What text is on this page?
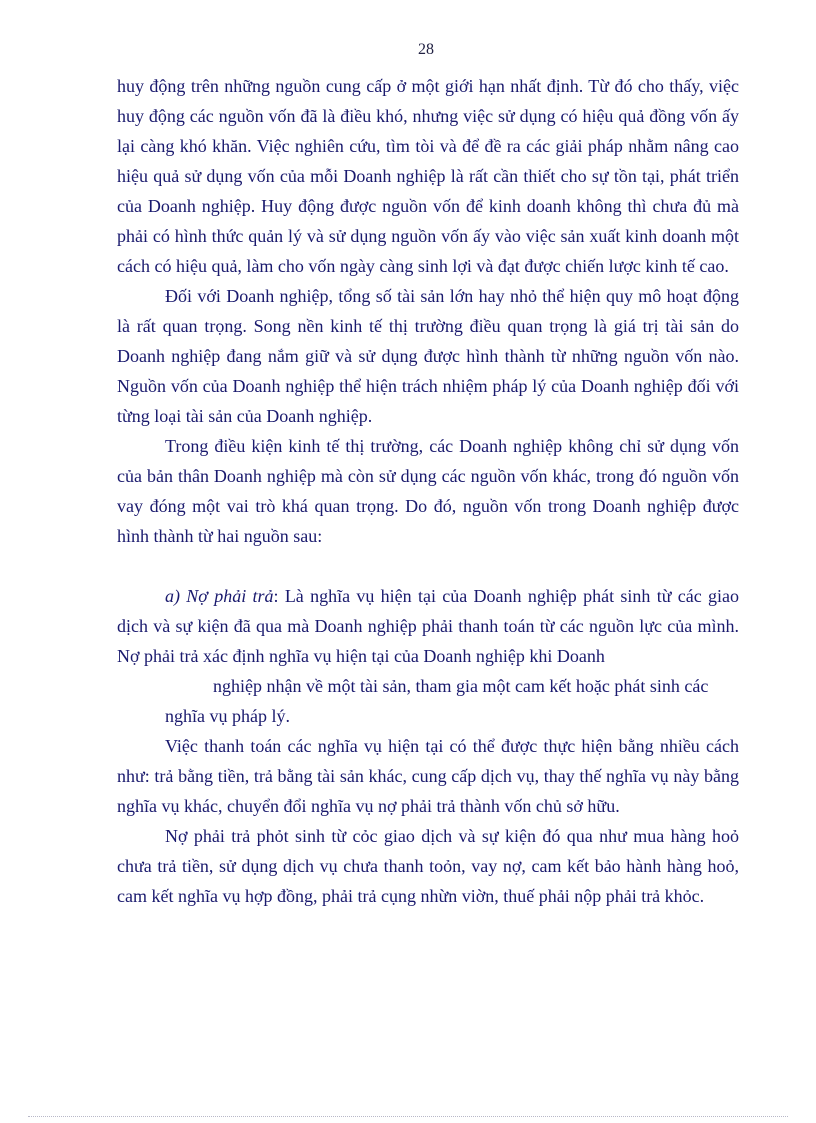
28

huy động trên những nguồn cung cấp ở một giới hạn nhất định. Từ đó cho thấy, việc huy động các nguồn vốn đã là điều khó, nhưng việc sử dụng có hiệu quả đồng vốn ấy lại càng khó khăn. Việc nghiên cứu, tìm tòi và để đề ra các giải pháp nhằm nâng cao hiệu quả sử dụng vốn của mỗi Doanh nghiệp là rất cần thiết cho sự tồn tại, phát triển của Doanh nghiệp. Huy động được nguồn vốn để kinh doanh không thì chưa đủ mà phải có hình thức quản lý và sử dụng nguồn vốn ấy vào việc sản xuất kinh doanh một cách có hiệu quả, làm cho vốn ngày càng sinh lợi và đạt được chiến lược kinh tế cao.

Đối với Doanh nghiệp, tổng số tài sản lớn hay nhỏ thể hiện quy mô hoạt động là rất quan trọng. Song nền kinh tế thị trường điều quan trọng là giá trị tài sản do Doanh nghiệp đang nắm giữ và sử dụng được hình thành từ những nguồn vốn nào. Nguồn vốn của Doanh nghiệp thể hiện trách nhiệm pháp lý của Doanh nghiệp đối với từng loại tài sản của Doanh nghiệp.

Trong điều kiện kinh tế thị trường, các Doanh nghiệp không chỉ sử dụng vốn của bản thân Doanh nghiệp mà còn sử dụng các nguồn vốn khác, trong đó nguồn vốn vay đóng một vai trò khá quan trọng. Do đó, nguồn vốn trong Doanh nghiệp được hình thành từ hai nguồn sau:

a) Nợ phải trả: Là nghĩa vụ hiện tại của Doanh nghiệp phát sinh từ các giao dịch và sự kiện đã qua mà Doanh nghiệp phải thanh toán từ các nguồn lực của mình. Nợ phải trả xác định nghĩa vụ hiện tại của Doanh nghiệp khi Doanh
nghiệp nhận về một tài sản, tham gia một cam kết hoặc phát sinh các
nghĩa vụ pháp lý.

Việc thanh toán các nghĩa vụ hiện tại có thể được thực hiện bằng nhiều cách như: trả bằng tiền, trả bằng tài sản khác, cung cấp dịch vụ, thay thế nghĩa vụ này bằng nghĩa vụ khác, chuyển đổi nghĩa vụ nợ phải trả thành vốn chủ sở hữu.

Nợ phải trả phỏt sinh từ cỏc giao dịch và sự kiện đó qua như mua hàng hoỏ chưa trả tiền, sử dụng dịch vụ chưa thanh toỏn, vay nợ, cam kết bảo hành hàng hoỏ, cam kết nghĩa vụ hợp đồng, phải trả cụng nhừn viờn, thuế phải nộp phải trả khỏc.
